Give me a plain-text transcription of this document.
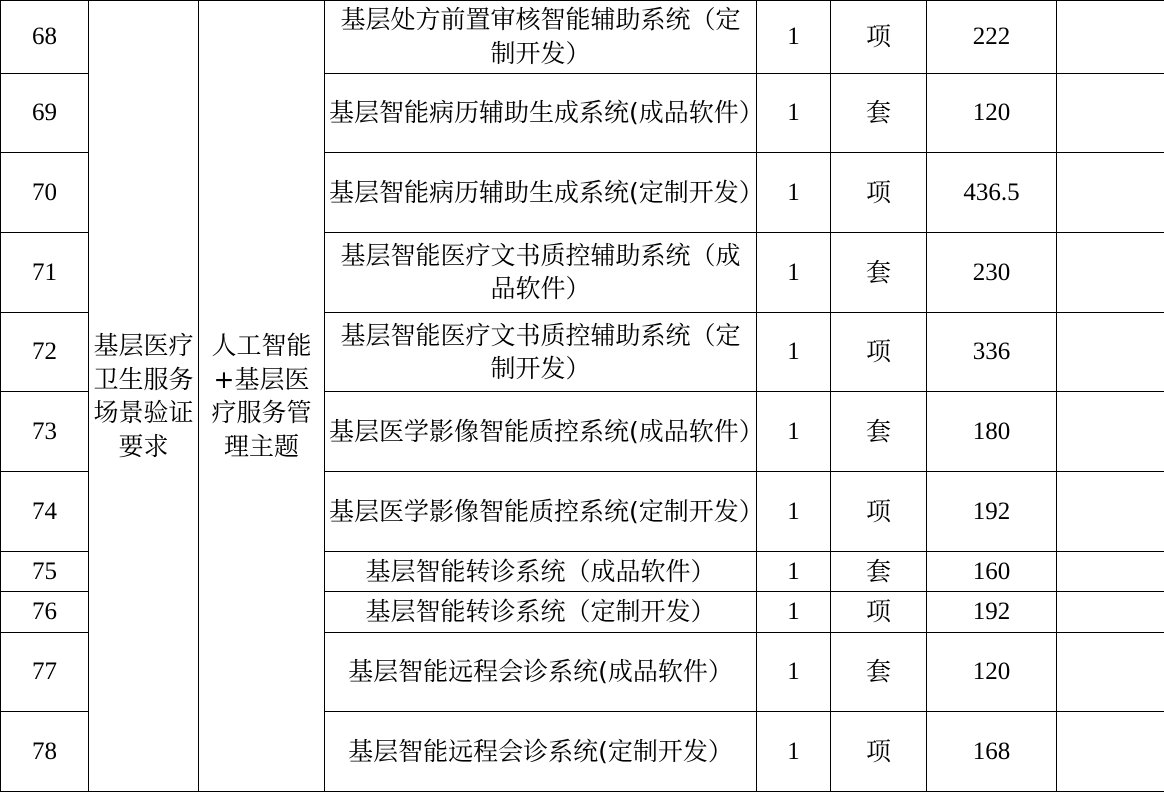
68	基层医疗卫生服务场景验证要求	人工智能+基层医疗服务管理主题	基层处方前置审核智能辅助系统（定制开发）	1	项	222	
69			基层智能病历辅助生成系统(成品软件）	1	套	120	
70			基层智能病历辅助生成系统(定制开发）	1	项	436.5	
71			基层智能医疗文书质控辅助系统（成品软件）	1	套	230	
72			基层智能医疗文书质控辅助系统（定制开发）	1	项	336	
73			基层医学影像智能质控系统(成品软件）	1	套	180	
74			基层医学影像智能质控系统(定制开发）	1	项	192	
75			基层智能转诊系统（成品软件）	1	套	160	
76			基层智能转诊系统（定制开发）	1	项	192	
77			基层智能远程会诊系统(成品软件）	1	套	120	
78			基层智能远程会诊系统(定制开发）	1	项	168	
